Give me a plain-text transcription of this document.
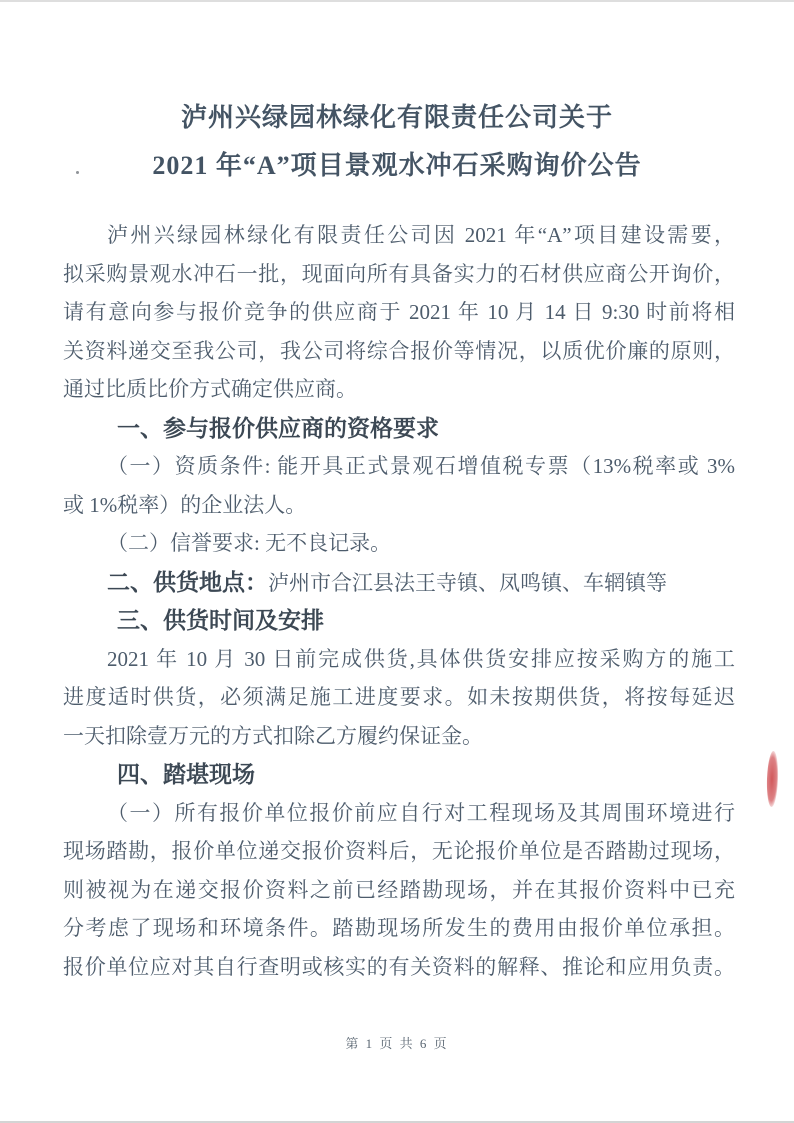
泸州兴绿园林绿化有限责任公司关于
2021 年“A”项目景观水冲石采购询价公告
泸州兴绿园林绿化有限责任公司因 2021 年“A”项目建设需要，
拟采购景观水冲石一批，现面向所有具备实力的石材供应商公开询价，
请有意向参与报价竞争的供应商于 2021 年 10 月 14 日 9:30 时前将相
关资料递交至我公司，我公司将综合报价等情况，以质优价廉的原则，
通过比质比价方式确定供应商。
一、参与报价供应商的资格要求
（一）资质条件: 能开具正式景观石增值税专票（13%税率或 3%
或 1%税率）的企业法人。
（二）信誉要求: 无不良记录。
二、供货地点：泸州市合江县法王寺镇、凤鸣镇、车辋镇等
三、供货时间及安排
2021 年 10 月 30 日前完成供货,具体供货安排应按采购方的施工
进度适时供货，必须满足施工进度要求。如未按期供货，将按每延迟
一天扣除壹万元的方式扣除乙方履约保证金。
四、踏堪现场
（一）所有报价单位报价前应自行对工程现场及其周围环境进行
现场踏勘，报价单位递交报价资料后，无论报价单位是否踏勘过现场，
则被视为在递交报价资料之前已经踏勘现场，并在其报价资料中已充
分考虑了现场和环境条件。踏勘现场所发生的费用由报价单位承担。
报价单位应对其自行查明或核实的有关资料的解释、推论和应用负责。
第 1 页 共 6 页
